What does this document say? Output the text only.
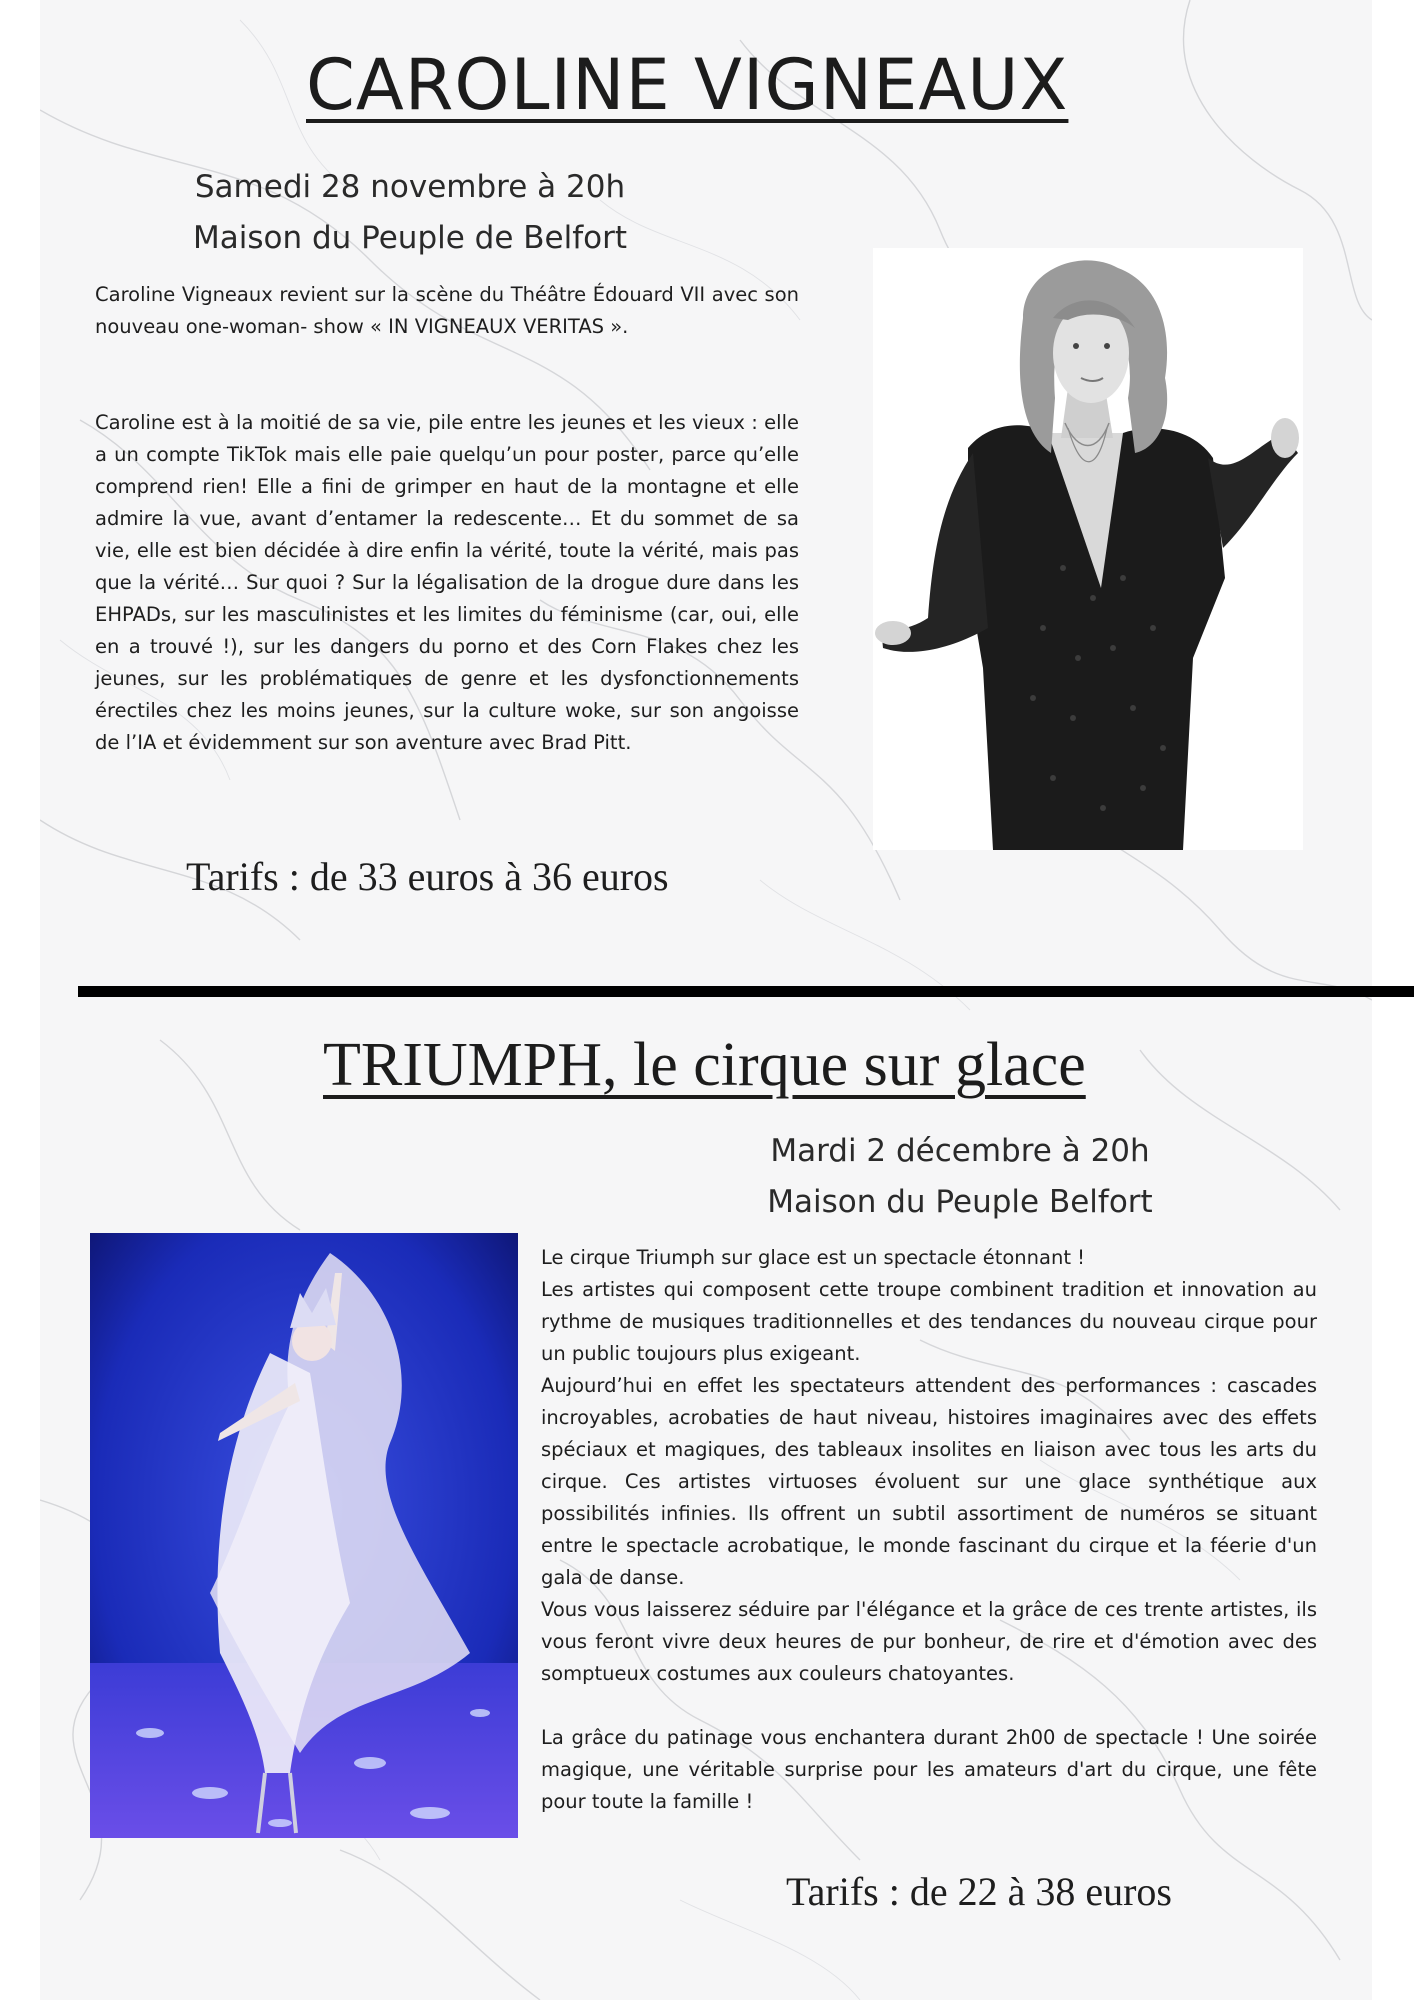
CAROLINE VIGNEAUX
Samedi 28 novembre à 20h
Maison du Peuple de Belfort

Caroline Vigneaux revient sur la scène du Théâtre Édouard VII avec son nouveau one-woman- show « IN VIGNEAUX VERITAS ».

Caroline est à la moitié de sa vie, pile entre les jeunes et les vieux : elle a un compte TikTok mais elle paie quelqu’un pour poster, parce qu’elle comprend rien! Elle a fini de grimper en haut de la montagne et elle admire la vue, avant d’entamer la redescente… Et du sommet de sa vie, elle est bien décidée à dire enfin la vérité, toute la vérité, mais pas que la vérité… Sur quoi ? Sur la légalisation de la drogue dure dans les EHPADs, sur les masculinistes et les limites du féminisme (car, oui, elle en a trouvé !), sur les dangers du porno et des Corn Flakes chez les jeunes, sur les problématiques de genre et les dysfonctionnements érectiles chez les moins jeunes, sur la culture woke, sur son angoisse de l’IA et évidemment sur son aventure avec Brad Pitt.

Tarifs : de 33 euros à 36 euros
TRIUMPH, le cirque sur glace
Mardi 2 décembre à 20h
Maison du Peuple Belfort

Le cirque Triumph sur glace est un spectacle étonnant !

Les artistes qui composent cette troupe combinent tradition et innovation au rythme de musiques traditionnelles et des tendances du nouveau cirque pour un public toujours plus exigeant.

Aujourd’hui en effet les spectateurs attendent des performances : cascades incroyables, acrobaties de haut niveau, histoires imaginaires avec des effets spéciaux et magiques, des tableaux insolites en liaison avec tous les arts du cirque. Ces artistes virtuoses évoluent sur une glace synthétique aux possibilités infinies. Ils offrent un subtil assortiment de numéros se situant entre le spectacle acrobatique, le monde fascinant du cirque et la féerie d'un gala de danse.

Vous vous laisserez séduire par l'élégance et la grâce de ces trente artistes, ils vous feront vivre deux heures de pur bonheur, de rire et d'émotion avec des somptueux costumes aux couleurs chatoyantes.

La grâce du patinage vous enchantera durant 2h00 de spectacle ! Une soirée magique, une véritable surprise pour les amateurs d'art du cirque, une fête pour toute la famille !

Tarifs : de 22 à 38 euros
